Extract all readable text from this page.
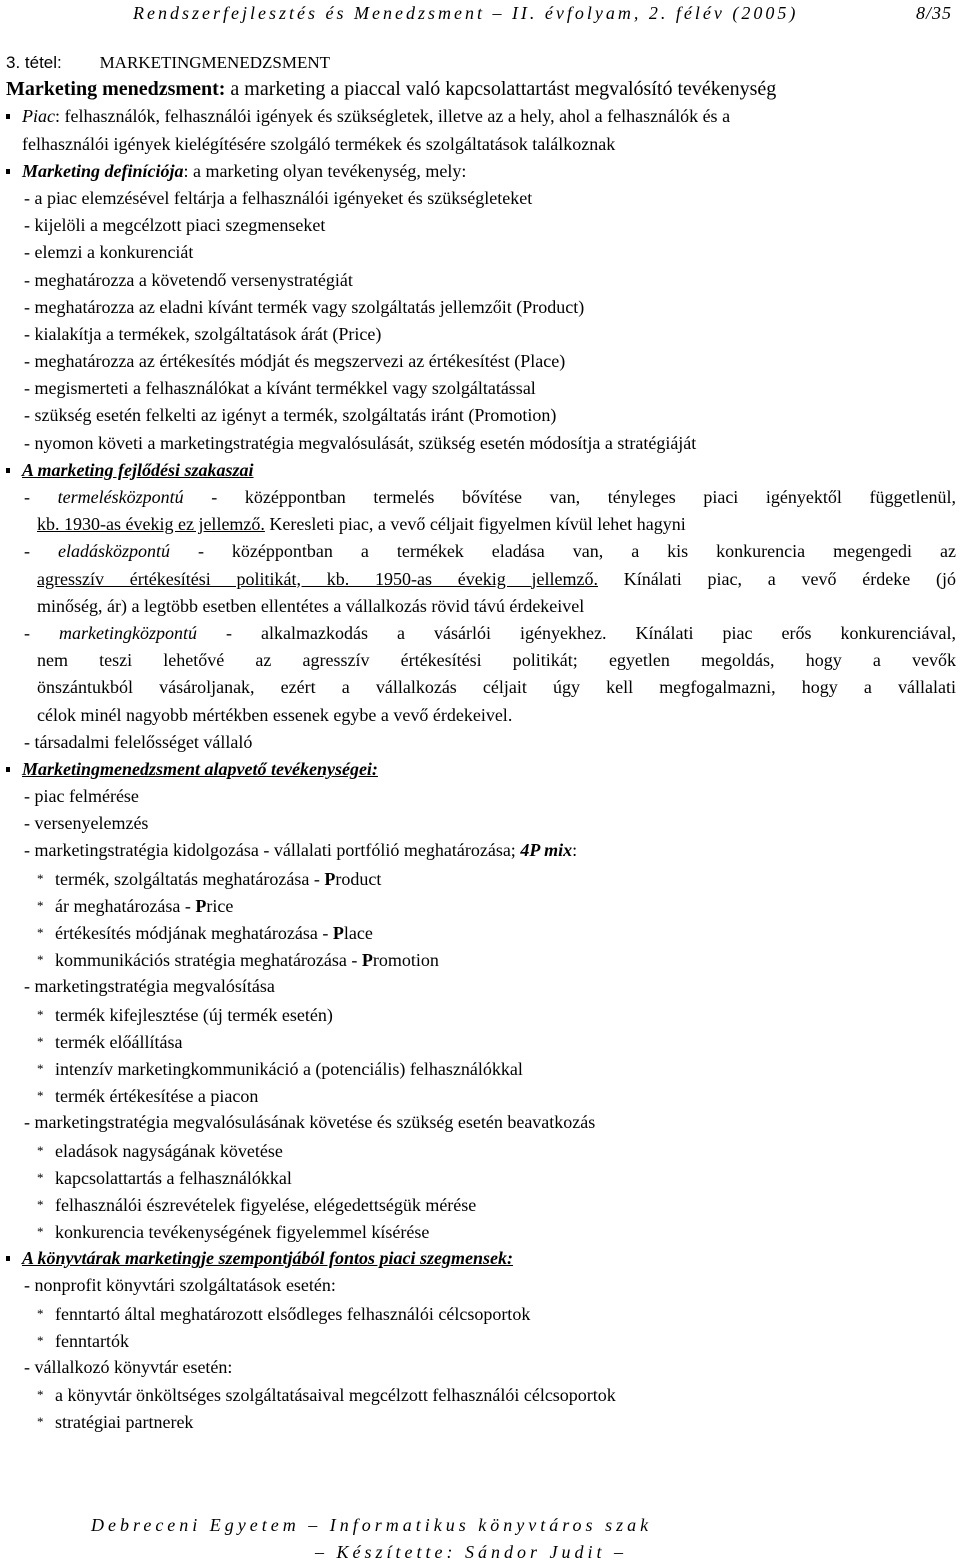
Rendszerfejlesztés és Menedzsment – II. évfolyam, 2. félév (2005)	8/35
3. tétel: MARKETINGMENEDZSMENT
Marketing menedzsment: a marketing a piaccal való kapcsolattartást megvalósító tevékenység
Piac: felhasználók, felhasználói igények és szükségletek, illetve az a hely, ahol a felhasználók és a
felhasználói igények kielégítésére szolgáló termékek és szolgáltatások találkoznak
Marketing definíciója: a marketing olyan tevékenység, mely:
- a piac elemzésével feltárja a felhasználói igényeket és szükségleteket
- kijelöli a megcélzott piaci szegmenseket
- elemzi a konkurenciát
- meghatározza a követendő versenystratégiát
- meghatározza az eladni kívánt termék vagy szolgáltatás jellemzőit (Product)
- kialakítja a termékek, szolgáltatások árát (Price)
- meghatározza az értékesítés módját és megszervezi az értékesítést (Place)
- megismerteti a felhasználókat a kívánt termékkel vagy szolgáltatással
- szükség esetén felkelti az igényt a termék, szolgáltatás iránt (Promotion)
- nyomon követi a marketingstratégia megvalósulását, szükség esetén módosítja a stratégiáját
A marketing fejlődési szakaszai
- termelésközpontú - középpontban termelés bővítése van, tényleges piaci igényektől függetlenül,
kb. 1930-as évekig ez jellemző. Keresleti piac, a vevő céljait figyelmen kívül lehet hagyni
- eladásközpontú - középpontban a termékek eladása van, a kis konkurencia megengedi az
agresszív értékesítési politikát, kb. 1950-as évekig jellemző. Kínálati piac, a vevő érdeke (jó
minőség, ár) a legtöbb esetben ellentétes a vállalkozás rövid távú érdekeivel
- marketingközpontú - alkalmazkodás a vásárlói igényekhez. Kínálati piac erős konkurenciával,
nem teszi lehetővé az agresszív értékesítési politikát; egyetlen megoldás, hogy a vevők
önszántukból vásároljanak, ezért a vállalkozás céljait úgy kell megfogalmazni, hogy a vállalati
célok minél nagyobb mértékben essenek egybe a vevő érdekeivel.
- társadalmi felelősséget vállaló
Marketingmenedzsment alapvető tevékenységei:
- piac felmérése
- versenyelemzés
- marketingstratégia kidolgozása - vállalati portfólió meghatározása; 4P mix:
* termék, szolgáltatás meghatározása - Product
* ár meghatározása - Price
* értékesítés módjának meghatározása - Place
* kommunikációs stratégia meghatározása - Promotion
- marketingstratégia megvalósítása
* termék kifejlesztése (új termék esetén)
* termék előállítása
* intenzív marketingkommunikáció a (potenciális) felhasználókkal
* termék értékesítése a piacon
- marketingstratégia megvalósulásának követése és szükség esetén beavatkozás
* eladások nagyságának követése
* kapcsolattartás a felhasználókkal
* felhasználói észrevételek figyelése, elégedettségük mérése
* konkurencia tevékenységének figyelemmel kísérése
A könyvtárak marketingje szempontjából fontos piaci szegmensek:
- nonprofit könyvtári szolgáltatások esetén:
* fenntartó által meghatározott elsődleges felhasználói célcsoportok
* fenntartók
- vállalkozó könyvtár esetén:
* a könyvtár önköltséges szolgáltatásaival megcélzott felhasználói célcsoportok
* stratégiai partnerek
Debreceni Egyetem – Informatikus könyvtáros szak
– Készítette: Sándor Judit –
